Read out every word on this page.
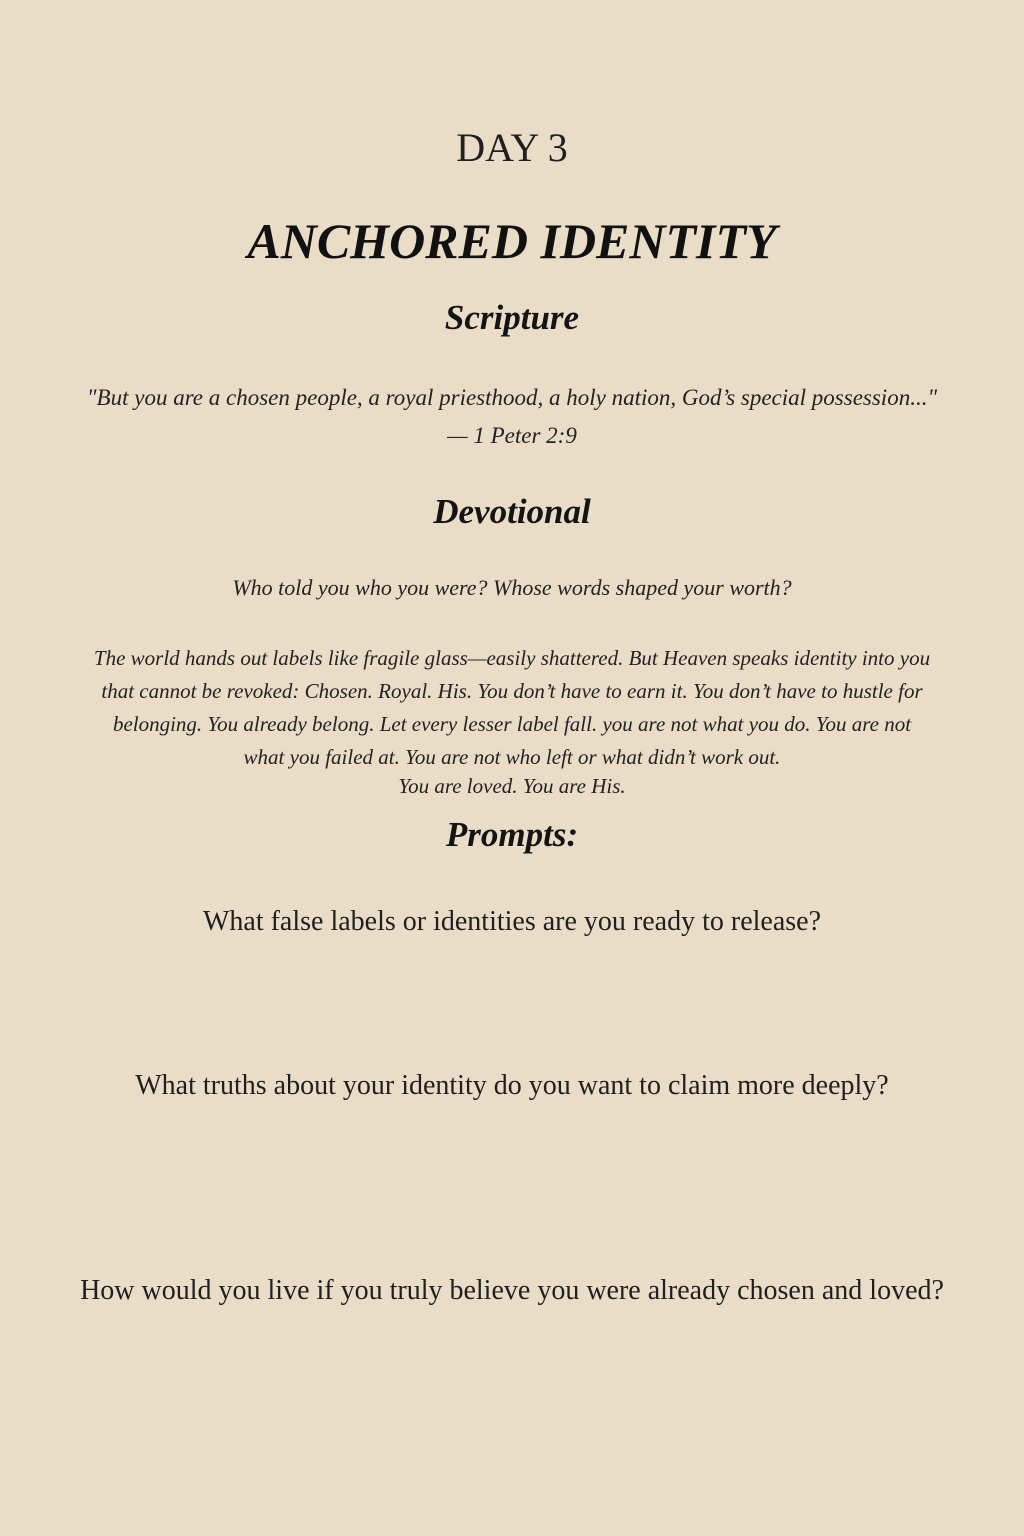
DAY 3
ANCHORED IDENTITY
Scripture

"But you are a chosen people, a royal priesthood, a holy nation, God’s special possession..."

— 1 Peter 2:9

Devotional

Who told you who you were? Whose words shaped your worth?

The world hands out labels like fragile glass—easily shattered. But Heaven speaks identity into you that cannot be revoked: Chosen. Royal. His. You don’t have to earn it. You don’t have to hustle for belonging. You already belong. Let every lesser label fall. you are not what you do. You are not what you failed at. You are not who left or what didn’t work out.

You are loved. You are His.

Prompts:

What false labels or identities are you ready to release?

What truths about your identity do you want to claim more deeply?

How would you live if you truly believe you were already chosen and loved?
